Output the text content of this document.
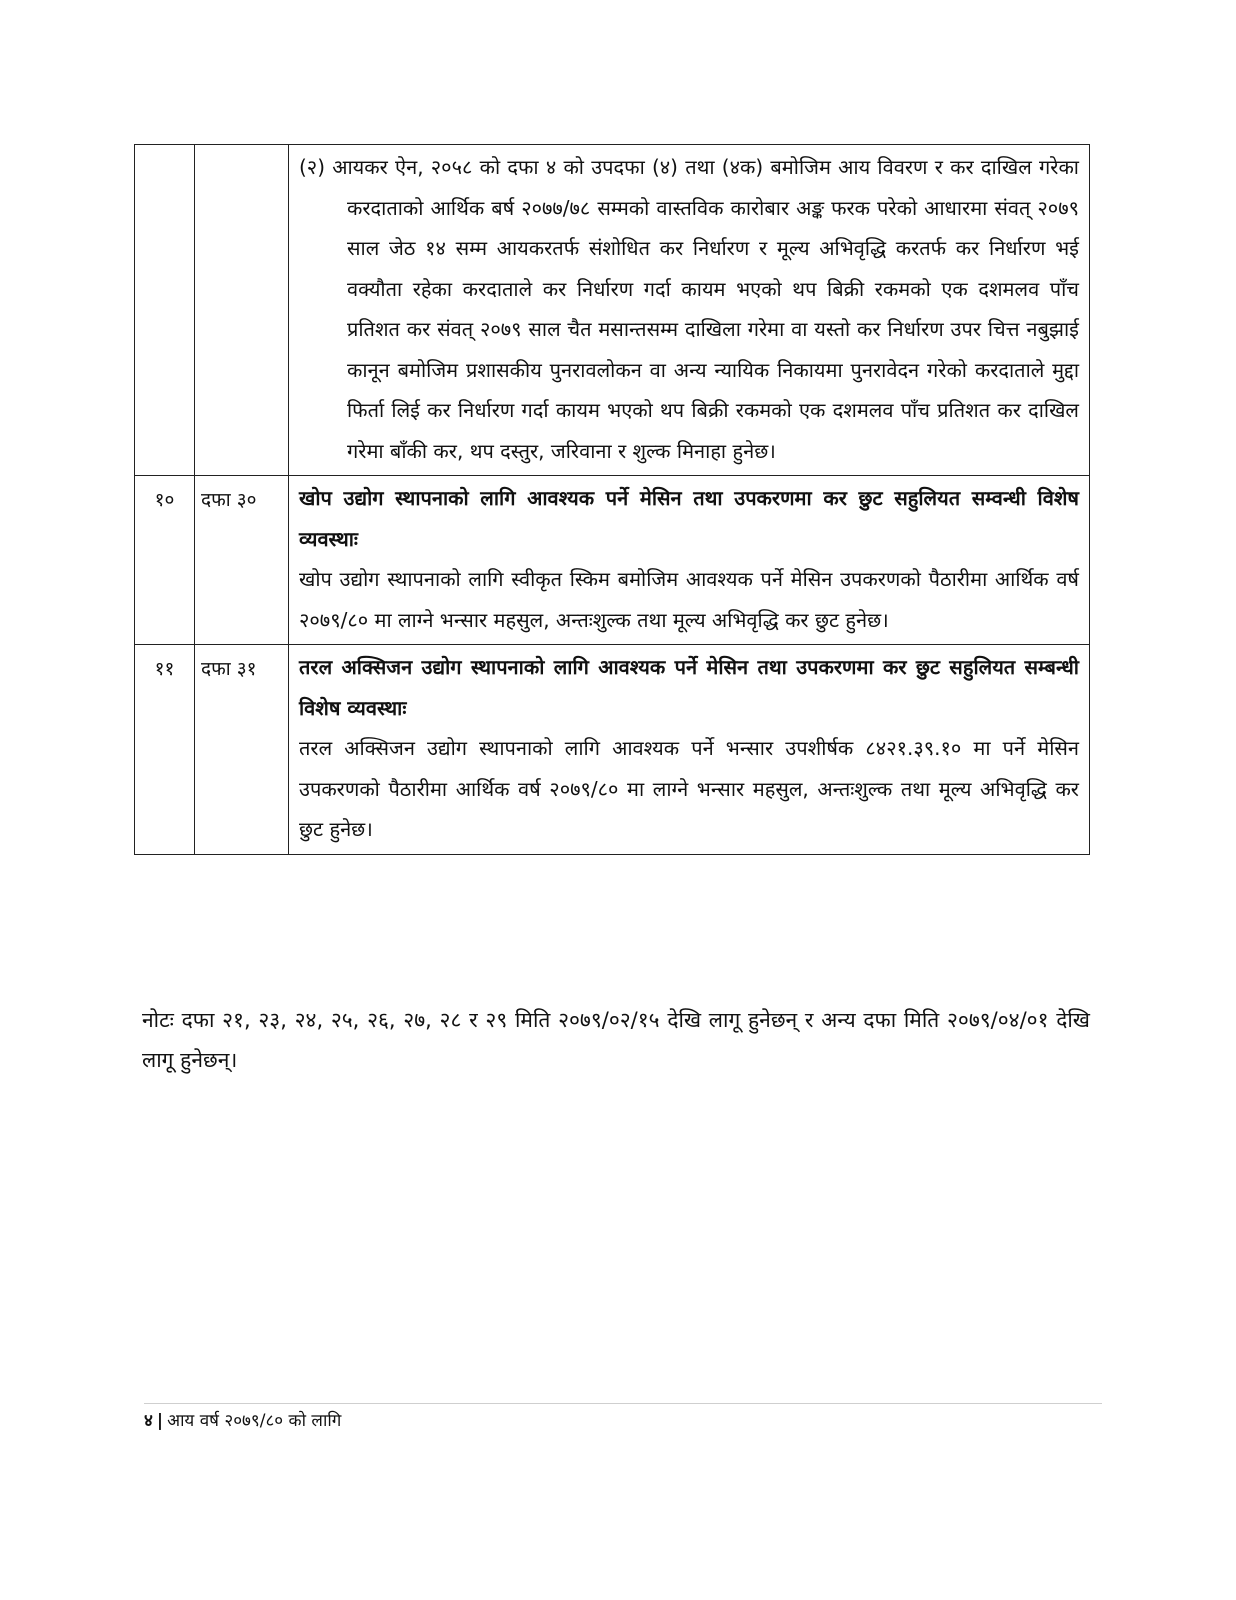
		(२) आयकर ऐन, २०५८ को दफा ४ को उपदफा (४) तथा (४क) बमोजिम आय विवरण र कर दाखिल गरेका करदाताको आर्थिक बर्ष २०७७/७८ सम्मको वास्तविक कारोबार अङ्क फरक परेको आधारमा संवत् २०७९ साल जेठ १४ सम्म आयकरतर्फ संशोधित कर निर्धारण र मूल्य अभिवृद्धि करतर्फ कर निर्धारण भई वक्यौता रहेका करदाताले कर निर्धारण गर्दा कायम भएको थप बिक्री रकमको एक दशमलव पाँच प्रतिशत कर संवत् २०७९ साल चैत मसान्तसम्म दाखिला गरेमा वा यस्तो कर निर्धारण उपर चित्त नबुझाई कानून बमोजिम प्रशासकीय पुनरावलोकन वा अन्य न्यायिक निकायमा पुनरावेदन गरेको करदाताले मुद्दा फिर्ता लिई कर निर्धारण गर्दा कायम भएको थप बिक्री रकमको एक दशमलव पाँच प्रतिशत कर दाखिल गरेमा बाँकी कर, थप दस्तुर, जरिवाना र शुल्क मिनाहा हुनेछ।

१०	दफा ३०	खोप उद्योग स्थापनाको लागि आवश्यक पर्ने मेसिन तथा उपकरणमा कर छुट सहुलियत सम्वन्धी विशेष व्यवस्थाः
खोप उद्योग स्थापनाको लागि स्वीकृत स्किम बमोजिम आवश्यक पर्ने मेसिन उपकरणको पैठारीमा आर्थिक वर्ष २०७९/८० मा लाग्ने भन्सार महसुल, अन्तःशुल्क तथा मूल्य अभिवृद्धि कर छुट हुनेछ।

११	दफा ३१	तरल अक्सिजन उद्योग स्थापनाको लागि आवश्यक पर्ने मेसिन तथा उपकरणमा कर छुट सहुलियत सम्बन्धी विशेष व्यवस्थाः
तरल अक्सिजन उद्योग स्थापनाको लागि आवश्यक पर्ने भन्सार उपशीर्षक ८४२१.३९.१० मा पर्ने मेसिन उपकरणको पैठारीमा आर्थिक वर्ष २०७९/८० मा लाग्ने भन्सार महसुल, अन्तःशुल्क तथा मूल्य अभिवृद्धि कर छुट हुनेछ।
नोटः दफा २१, २३, २४, २५, २६, २७, २८ र २९ मिति २०७९/०२/१५ देखि लागू हुनेछन् र अन्य दफा मिति २०७९/०४/०१ देखि लागू हुनेछन्।
४ | आय वर्ष २०७९/८० को लागि
